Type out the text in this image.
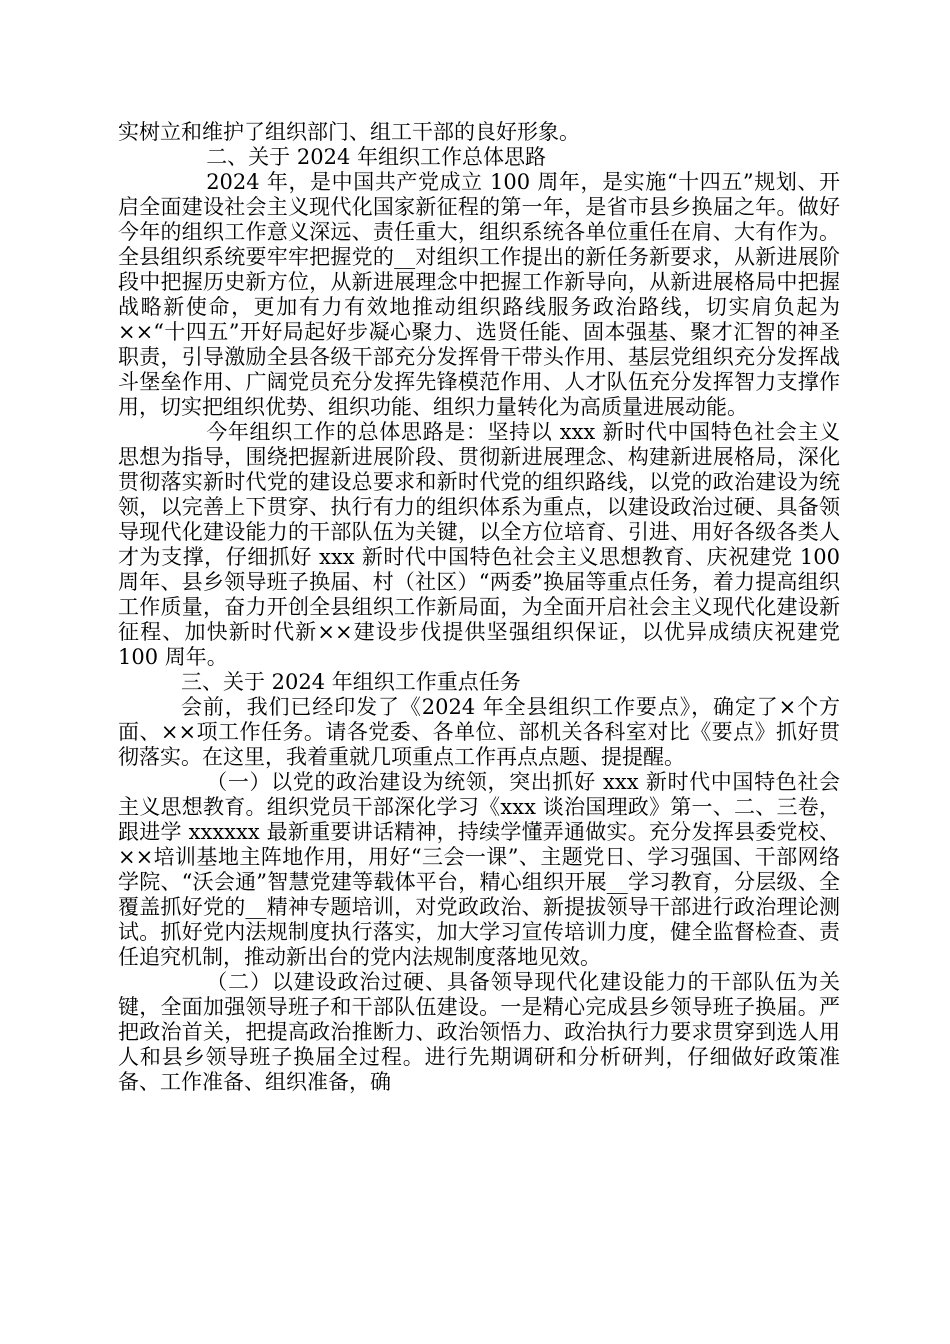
实树立和维护了组织部门、组工干部的良好形象。

二、关于 2024 年组织工作总体思路

2024 年，是中国共产党成立 100 周年，是实施“十四五”规划、开启全面建设社会主义现代化国家新征程的第一年，是省市县乡换届之年。做好今年的组织工作意义深远、责任重大，组织系统各单位重任在肩、大有作为。全县组织系统要牢牢把握党的__对组织工作提出的新任务新要求，从新进展阶段中把握历史新方位，从新进展理念中把握工作新导向，从新进展格局中把握战略新使命，更加有力有效地推动组织路线服务政治路线，切实肩负起为××“十四五”开好局起好步凝心聚力、选贤任能、固本强基、聚才汇智的神圣职责，引导激励全县各级干部充分发挥骨干带头作用、基层党组织充分发挥战斗堡垒作用、广阔党员充分发挥先锋模范作用、人才队伍充分发挥智力支撑作用，切实把组织优势、组织功能、组织力量转化为高质量进展动能。

今年组织工作的总体思路是：坚持以 xxx 新时代中国特色社会主义思想为指导，围绕把握新进展阶段、贯彻新进展理念、构建新进展格局，深化贯彻落实新时代党的建设总要求和新时代党的组织路线，以党的政治建设为统领，以完善上下贯穿、执行有力的组织体系为重点，以建设政治过硬、具备领导现代化建设能力的干部队伍为关键，以全方位培育、引进、用好各级各类人才为支撑，仔细抓好 xxx 新时代中国特色社会主义思想教育、庆祝建党 100 周年、县乡领导班子换届、村（社区）“两委”换届等重点任务，着力提高组织工作质量，奋力开创全县组织工作新局面，为全面开启社会主义现代化建设新征程、加快新时代新××建设步伐提供坚强组织保证，以优异成绩庆祝建党 100 周年。

三、关于 2024 年组织工作重点任务

会前，我们已经印发了《2024 年全县组织工作要点》，确定了×个方面、××项工作任务。请各党委、各单位、部机关各科室对比《要点》抓好贯彻落实。在这里，我着重就几项重点工作再点点题、提提醒。

（一）以党的政治建设为统领，突出抓好 xxx 新时代中国特色社会主义思想教育。组织党员干部深化学习《xxx 谈治国理政》第一、二、三卷，跟进学 xxxxxx 最新重要讲话精神，持续学懂弄通做实。充分发挥县委党校、××培训基地主阵地作用，用好“三会一课”、主题党日、学习强国、干部网络学院、“沃会通”智慧党建等载体平台，精心组织开展__学习教育，分层级、全覆盖抓好党的__精神专题培训，对党政政治、新提拔领导干部进行政治理论测试。抓好党内法规制度执行落实，加大学习宣传培训力度，健全监督检查、责任追究机制，推动新出台的党内法规制度落地见效。

（二）以建设政治过硬、具备领导现代化建设能力的干部队伍为关键，全面加强领导班子和干部队伍建设。一是精心完成县乡领导班子换届。严把政治首关，把提高政治推断力、政治领悟力、政治执行力要求贯穿到选人用人和县乡领导班子换届全过程。进行先期调研和分析研判，仔细做好政策准备、工作准备、组织准备，确
